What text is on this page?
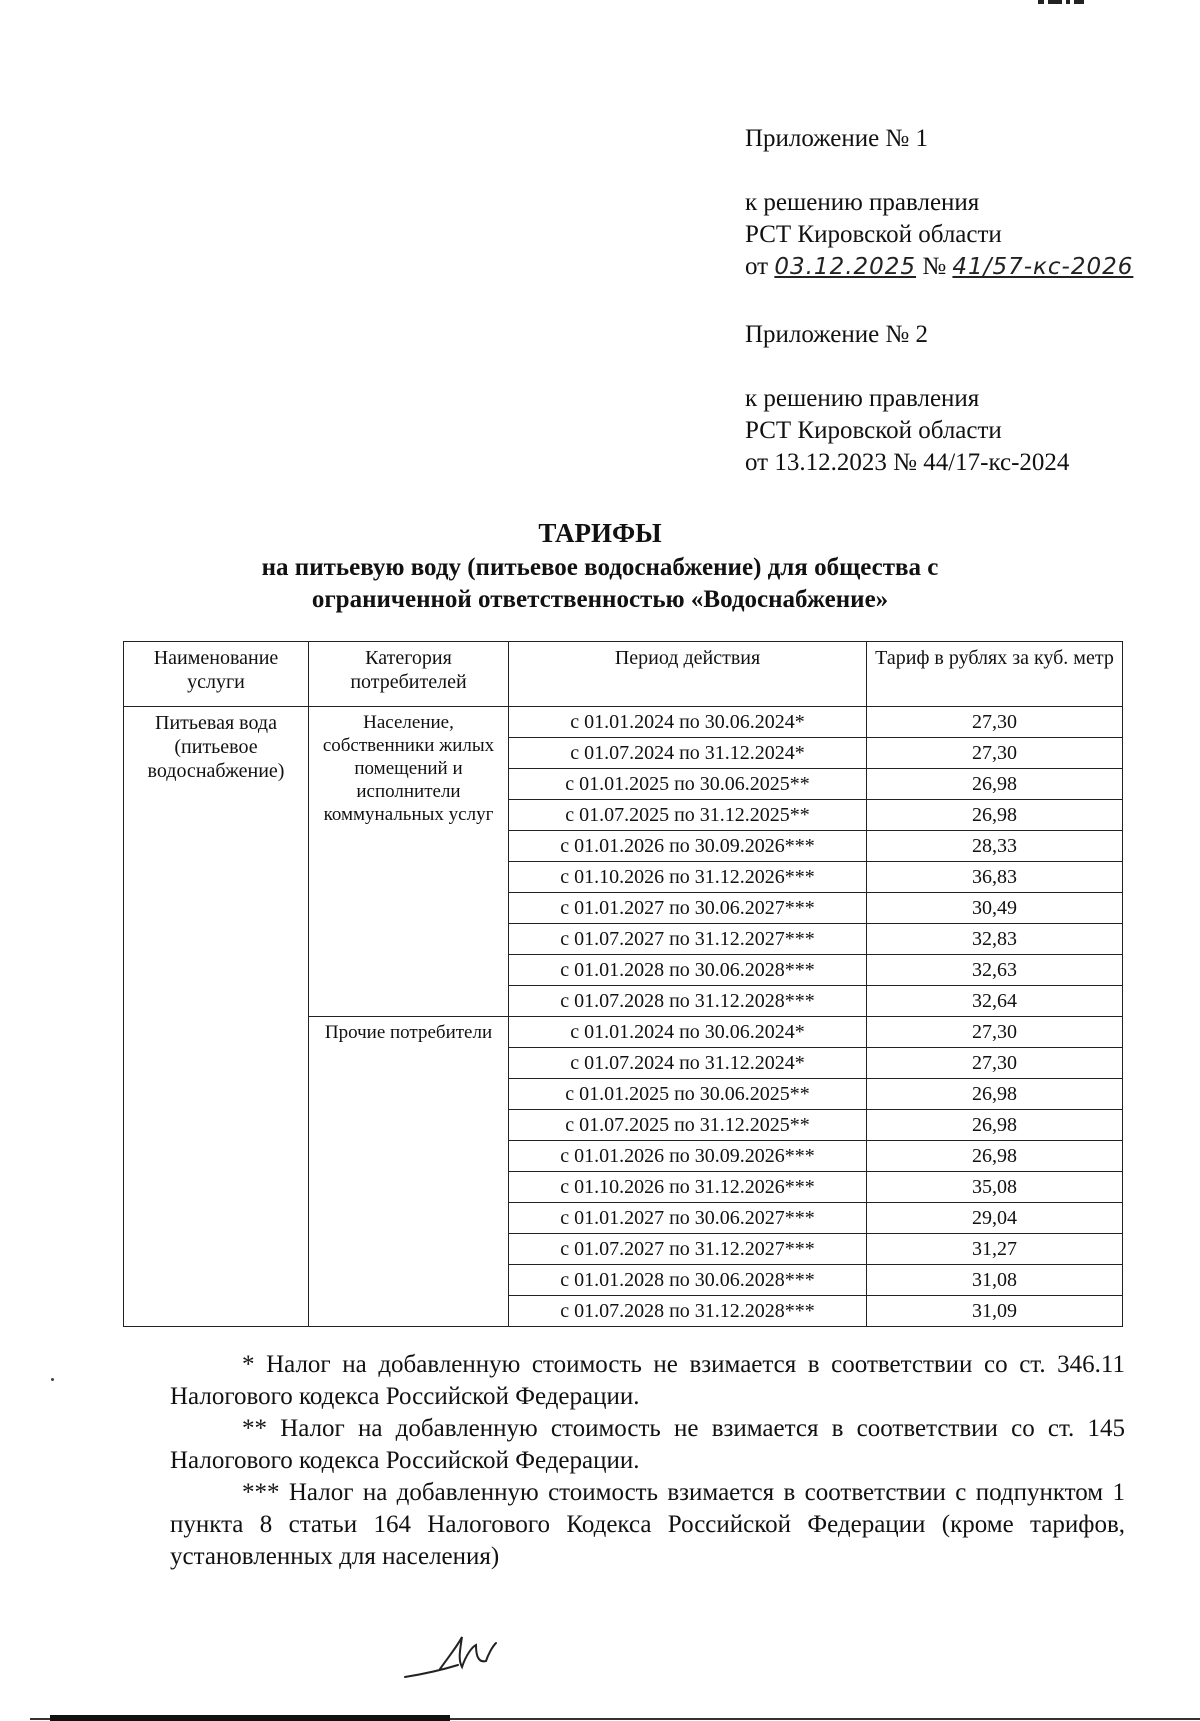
Приложение № 1
к решению правления
РСТ Кировской области
от 03.12.2025 № 41/57-кс-2026
Приложение № 2
к решению правления
РСТ Кировской области
от 13.12.2023 № 44/17-кс-2024
ТАРИФЫ
на питьевую воду (питьевое водоснабжение) для общества с
ограниченной ответственностью «Водоснабжение»
Наименование услуги	Категория потребителей	Период действия	Тариф в рублях за куб. метр
Питьевая вода (питьевое водоснабжение)	Население, собственники жилых помещений и исполнители коммунальных услуг	с 01.01.2024 по 30.06.2024*	27,30
		с 01.07.2024 по 31.12.2024*	27,30
		с 01.01.2025 по 30.06.2025**	26,98
		с 01.07.2025 по 31.12.2025**	26,98
		с 01.01.2026 по 30.09.2026***	28,33
		с 01.10.2026 по 31.12.2026***	36,83
		с 01.01.2027 по 30.06.2027***	30,49
		с 01.07.2027 по 31.12.2027***	32,83
		с 01.01.2028 по 30.06.2028***	32,63
		с 01.07.2028 по 31.12.2028***	32,64
	Прочие потребители	с 01.01.2024 по 30.06.2024*	27,30
		с 01.07.2024 по 31.12.2024*	27,30
		с 01.01.2025 по 30.06.2025**	26,98
		с 01.07.2025 по 31.12.2025**	26,98
		с 01.01.2026 по 30.09.2026***	26,98
		с 01.10.2026 по 31.12.2026***	35,08
		с 01.01.2027 по 30.06.2027***	29,04
		с 01.07.2027 по 31.12.2027***	31,27
		с 01.01.2028 по 30.06.2028***	31,08
		с 01.07.2028 по 31.12.2028***	31,09

* Налог на добавленную стоимость не взимается в соответствии со ст. 346.11 Налогового кодекса Российской Федерации.

** Налог на добавленную стоимость не взимается в соответствии со ст. 145 Налогового кодекса Российской Федерации.

*** Налог на добавленную стоимость взимается в соответствии с подпунктом 1 пункта 8 статьи 164 Налогового Кодекса Российской Федерации (кроме тарифов, установленных для населения)
